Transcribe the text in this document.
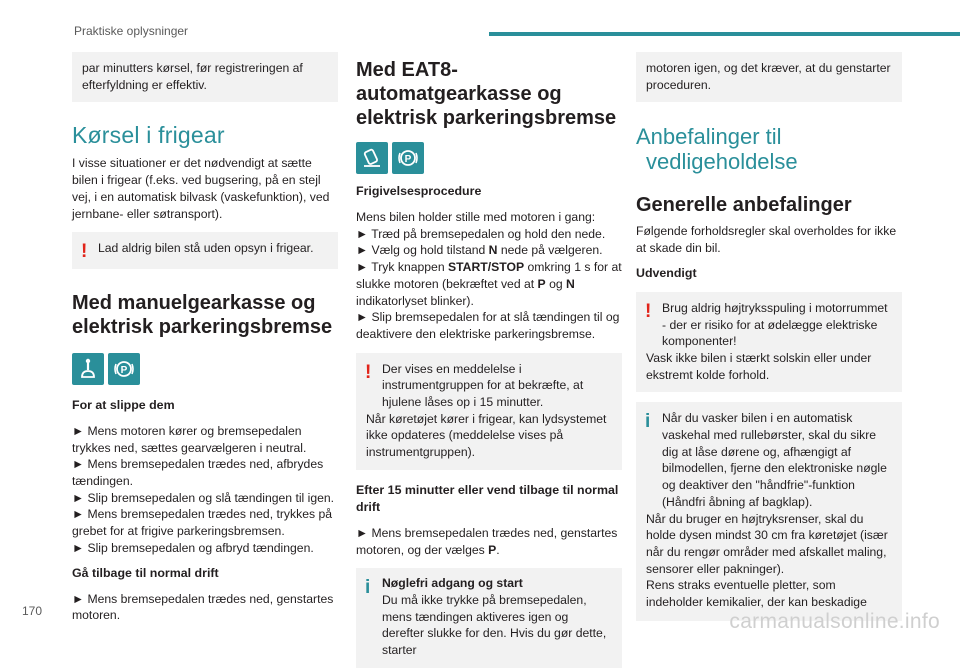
Praktiske oplysninger

par minutters kørsel, før registreringen af efterfyldning er effektiv.

Kørsel i frigear

I visse situationer er det nødvendigt at sætte bilen i frigear (f.eks. ved bugsering, på en stejl vej, i en automatisk bilvask (vaskefunktion), ved jernbane- eller søtransport).

! Lad aldrig bilen stå uden opsyn i frigear.

Med manuelgearkasse og elektrisk parkeringsbremse
P
For at slippe dem

► Mens motoren kører og bremsepedalen trykkes ned, sættes gearvælgeren i neutral.

► Mens bremsepedalen trædes ned, afbrydes tændingen.

► Slip bremsepedalen og slå tændingen til igen.

► Mens bremsepedalen trædes ned, trykkes på grebet for at frigive parkeringsbremsen.

► Slip bremsepedalen og afbryd tændingen.

Gå tilbage til normal drift

► Mens bremsepedalen trædes ned, genstartes motoren.

Med EAT8-automatgearkasse og elektrisk parkeringsbremse
P
Frigivelsesprocedure

Mens bilen holder stille med motoren i gang:

► Træd på bremsepedalen og hold den nede.

► Vælg og hold tilstand N nede på vælgeren.

► Tryk knappen START/STOP omkring 1 s for at slukke motoren (bekræftet ved at P og N indikatorlyset blinker).

► Slip bremsepedalen for at slå tændingen til og deaktivere den elektriske parkeringsbremse.

! Der vises en meddelelse i instrumentgruppen for at bekræfte, at hjulene låses op i 15 minutter.

Når køretøjet kører i frigear, kan lydsystemet ikke opdateres (meddelelse vises på instrumentgruppen).

Efter 15 minutter eller vend tilbage til normal drift

► Mens bremsepedalen trædes ned, genstartes motoren, og der vælges P.

i Nøglefri adgang og start

Du må ikke trykke på bremsepedalen, mens tændingen aktiveres igen og derefter slukke for den. Hvis du gør dette, starter

motoren igen, og det kræver, at du genstarter proceduren.

Anbefalinger til
vedligeholdelse
Generelle anbefalinger

Følgende forholdsregler skal overholdes for ikke at skade din bil.

Udvendigt
! Brug aldrig højtryksspuling i motorrummet - der er risiko for at ødelægge elektriske komponenter!

Vask ikke bilen i stærkt solskin eller under ekstremt kolde forhold.

i Når du vasker bilen i en automatisk vaskehal med rullebørster, skal du sikre dig at låse dørene og, afhængigt af bilmodellen, fjerne den elektroniske nøgle og deaktiver den "håndfrie"-funktion (Håndfri åbning af bagklap).

Når du bruger en højtryksrenser, skal du holde dysen mindst 30 cm fra køretøjet (især når du rengør områder med afskallet maling, sensorer eller pakninger).

Rens straks eventuelle pletter, som indeholder kemikalier, der kan beskadige

170	carmanualsonline.info
